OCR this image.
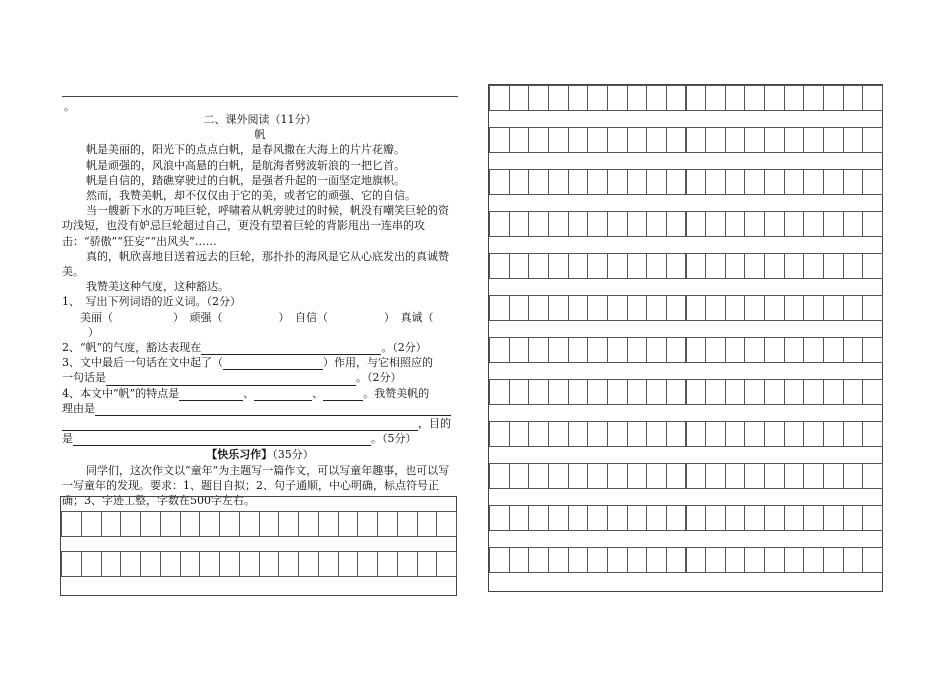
。

二、课外阅读（11分）

帆

帆是美丽的，阳光下的点点白帆，是春风撒在大海上的片片花瓣。

帆是顽强的，风浪中高悬的白帆，是航海者劈波斩浪的一把匕首。

帆是自信的，踏礁穿驶过的白帆，是强者升起的一面坚定地旗帜。

然而，我赞美帆，却不仅仅由于它的美，或者它的顽强、它的自信。

当一艘新下水的万吨巨轮，呼啸着从帆旁驶过的时候，帆没有嘲笑巨轮的资功浅短，也没有妒忌巨轮超过自己，更没有望着巨轮的背影甩出一连串的攻击：“骄傲”“狂妄”“出风头”……

真的，帆欣喜地目送着远去的巨轮，那扑扑的海风是它从心底发出的真诚赞美。

我赞美这种气度，这种豁达。

1、　写出下列词语的近义词。（2分）

美丽（	）　顽强（	）　自信（	）　真诚（
）

2、“帆”的气度，豁达表现在	。（2分）

3、文中最后一句话在文中起了（	）作用，与它相照应的
一句话是	。（2分）

4、本文中“帆”的特点是	、	、	。我赞美帆的
理由是
，目的
是	。（5分）

【快乐习作】（35分）

同学们，这次作文以“童年”为主题写一篇作文，可以写童年趣事，也可以写一写童年的发现。要求：1、题目自拟；2、句子通顺，中心明确，标点符号正确；3、字迹工整，字数在500字左右。
